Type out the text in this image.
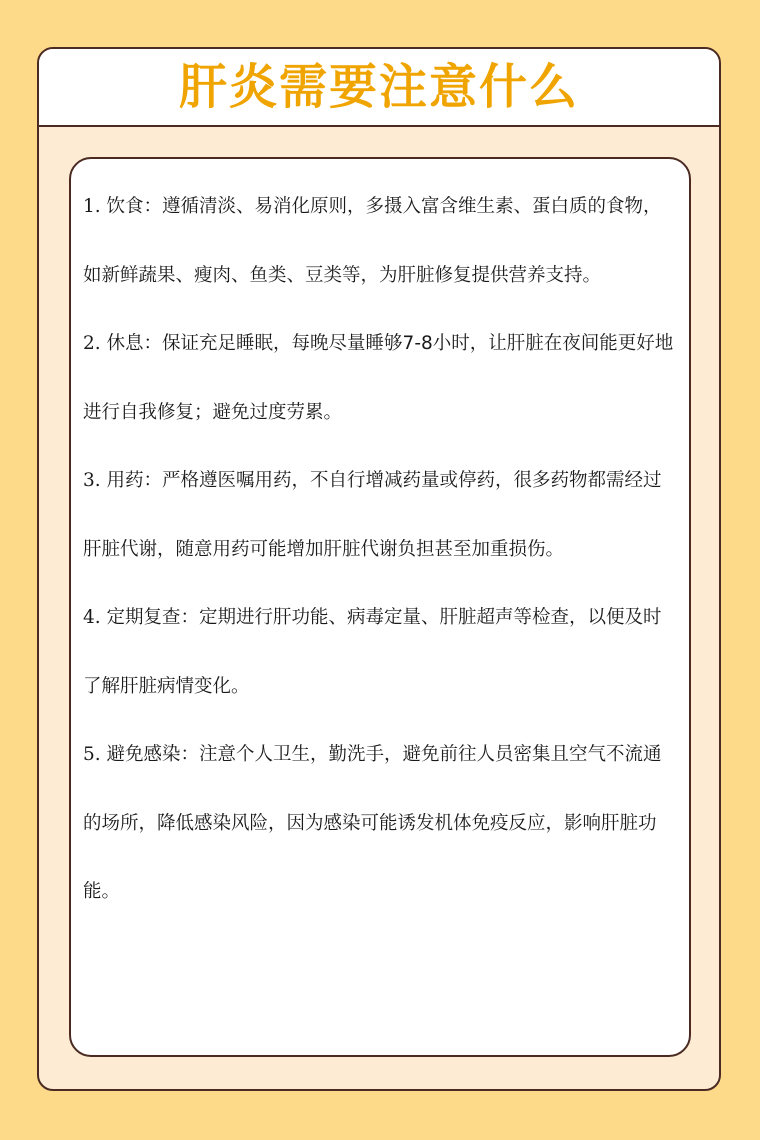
肝炎需要注意什么
1. 饮食：遵循清淡、易消化原则，多摄入富含维生素、蛋白质的食物，如新鲜蔬果、瘦肉、鱼类、豆类等，为肝脏修复提供营养支持。
2. 休息：保证充足睡眠，每晚尽量睡够7-8小时，让肝脏在夜间能更好地进行自我修复；避免过度劳累。
3. 用药：严格遵医嘱用药，不自行增减药量或停药，很多药物都需经过肝脏代谢，随意用药可能增加肝脏代谢负担甚至加重损伤。
4. 定期复查：定期进行肝功能、病毒定量、肝脏超声等检查，以便及时了解肝脏病情变化。
5. 避免感染：注意个人卫生，勤洗手，避免前往人员密集且空气不流通的场所，降低感染风险，因为感染可能诱发机体免疫反应，影响肝脏功能。
